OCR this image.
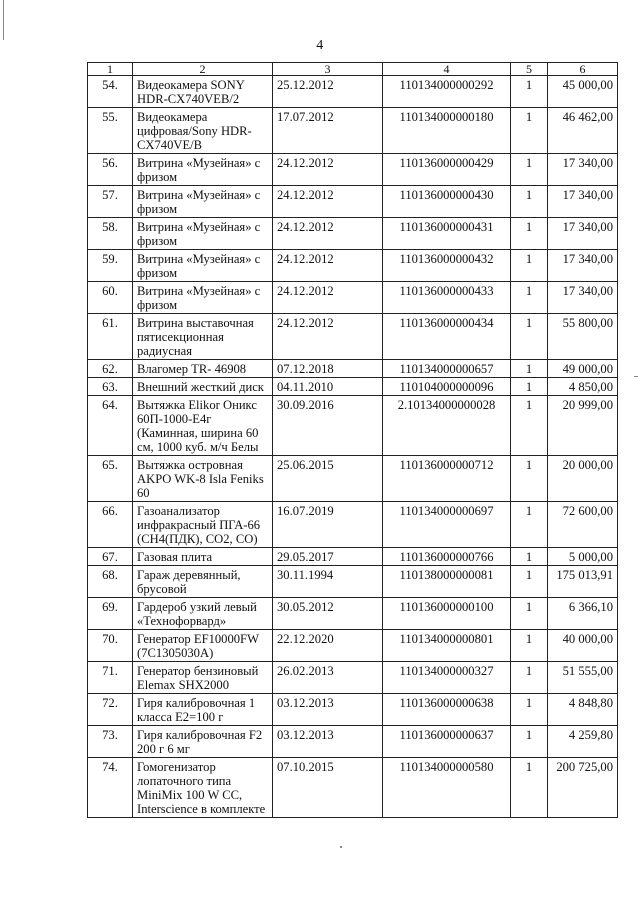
4
1	2	3	4	5	6
54.	Видеокамера SONY HDR-CX740VEB/2	25.12.2012	110134000000292	1	45 000,00
55.	Видеокамера цифровая/Sony HDR-CX740VE/B	17.07.2012	110134000000180	1	46 462,00
56.	Витрина «Музейная» с фризом	24.12.2012	110136000000429	1	17 340,00
57.	Витрина «Музейная» с фризом	24.12.2012	110136000000430	1	17 340,00
58.	Витрина «Музейная» с фризом	24.12.2012	110136000000431	1	17 340,00
59.	Витрина «Музейная» с фризом	24.12.2012	110136000000432	1	17 340,00
60.	Витрина «Музейная» с фризом	24.12.2012	110136000000433	1	17 340,00
61.	Витрина выставочная пятисекционная радиусная	24.12.2012	110136000000434	1	55 800,00
62.	Влагомер TR- 46908	07.12.2018	110134000000657	1	49 000,00
63.	Внешний жесткий диск	04.11.2010	110104000000096	1	4 850,00
64.	Вытяжка Elikor Оникс 60П-1000-Е4г (Каминная, ширина 60 см, 1000 куб. м/ч Белы	30.09.2016	2.10134000000028	1	20 999,00
65.	Вытяжка островная AKPO WK-8 Isla Feniks 60	25.06.2015	110136000000712	1	20 000,00
66.	Газоанализатор инфракрасный ПГА-66 (СН4(ПДК), СО2, СО)	16.07.2019	110134000000697	1	72 600,00
67.	Газовая плита	29.05.2017	110136000000766	1	5 000,00
68.	Гараж деревянный, брусовой	30.11.1994	110138000000081	1	175 013,91
69.	Гардероб узкий левый «Технофорвард»	30.05.2012	110136000000100	1	6 366,10
70.	Генератор EF10000FW (7C1305030A)	22.12.2020	110134000000801	1	40 000,00
71.	Генератор бензиновый Elemax SHX2000	26.02.2013	110134000000327	1	51 555,00
72.	Гиря калибровочная 1 класса Е2=100 г	03.12.2013	110136000000638	1	4 848,80
73.	Гиря калибровочная F2 200 г 6 мг	03.12.2013	110136000000637	1	4 259,80
74.	Гомогенизатор лопаточного типа MiniMix 100 W CC, Interscience в комплекте	07.10.2015	110134000000580	1	200 725,00
